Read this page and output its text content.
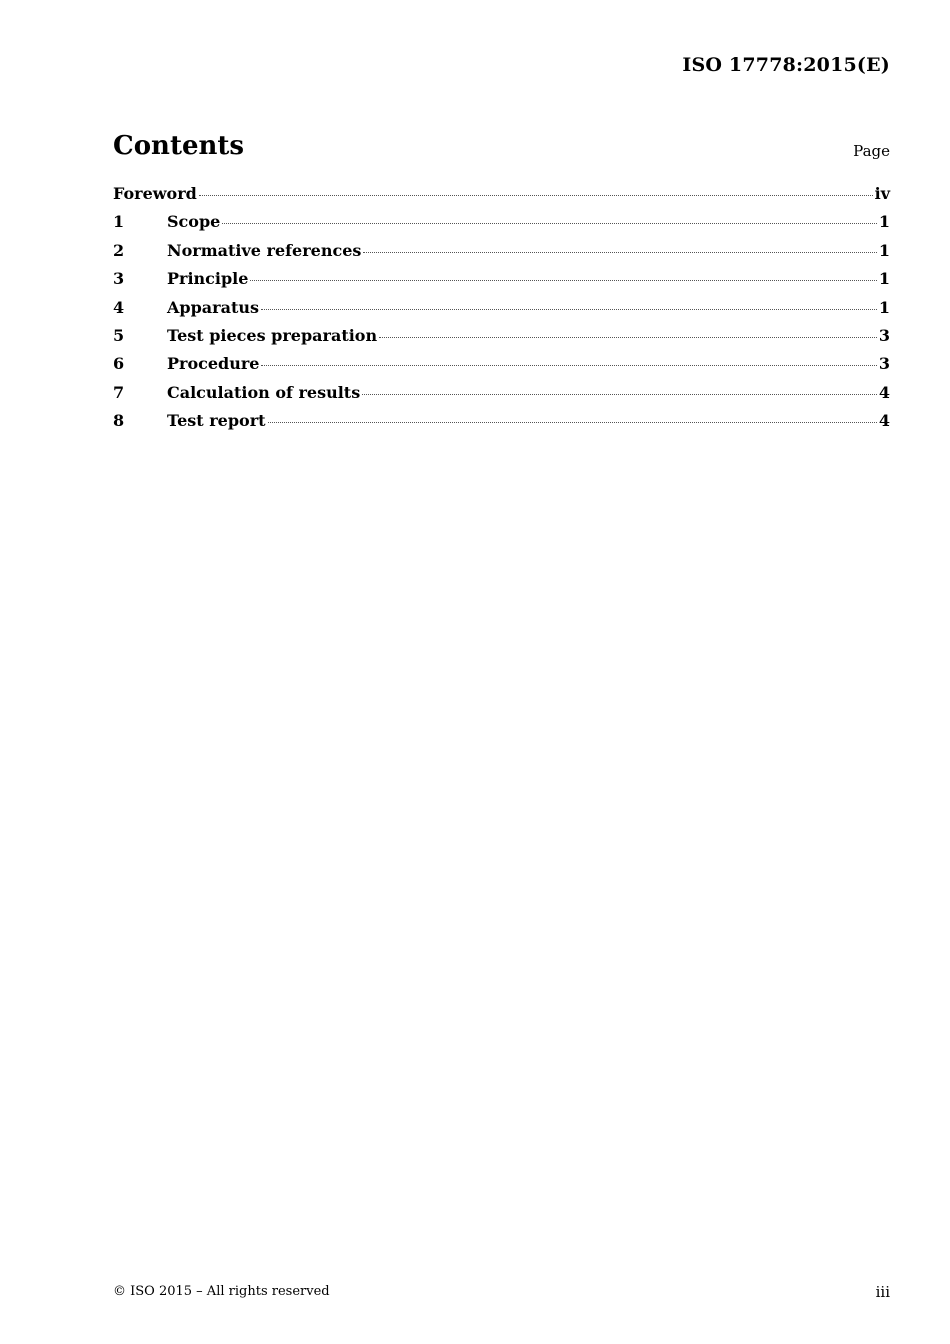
ISO 17778:2015(E)
Contents	Page
Foreword	iv
1	Scope	1
2	Normative references	1
3	Principle	1
4	Apparatus	1
5	Test pieces preparation	3
6	Procedure	3
7	Calculation of results	4
8	Test report	4
© ISO 2015 – All rights reserved	iii
